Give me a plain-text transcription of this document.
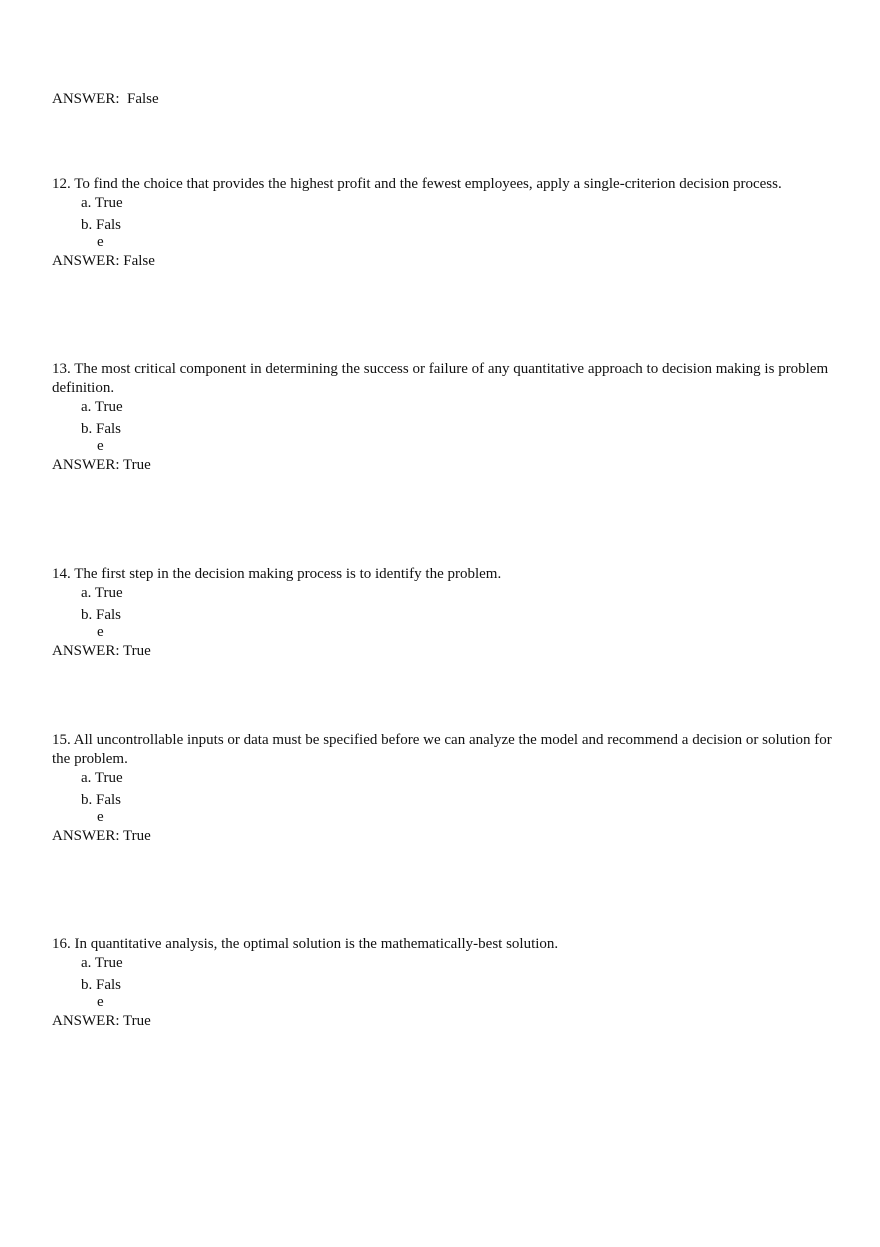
ANSWER:  False

12. To find the choice that provides the highest profit and the fewest employees, apply a single-criterion decision process.

a. True
b. Fals
e
ANSWER: False

13. The most critical component in determining the success or failure of any quantitative approach to decision making is problem definition.

a. True
b. Fals
e
ANSWER: True

14. The first step in the decision making process is to identify the problem.

a. True
b. Fals
e
ANSWER: True

15. All uncontrollable inputs or data must be specified before we can analyze the model and recommend a decision or solution for the problem.

a. True
b. Fals
e
ANSWER: True

16. In quantitative analysis, the optimal solution is the mathematically-best solution.

a. True
b. Fals
e
ANSWER: True
